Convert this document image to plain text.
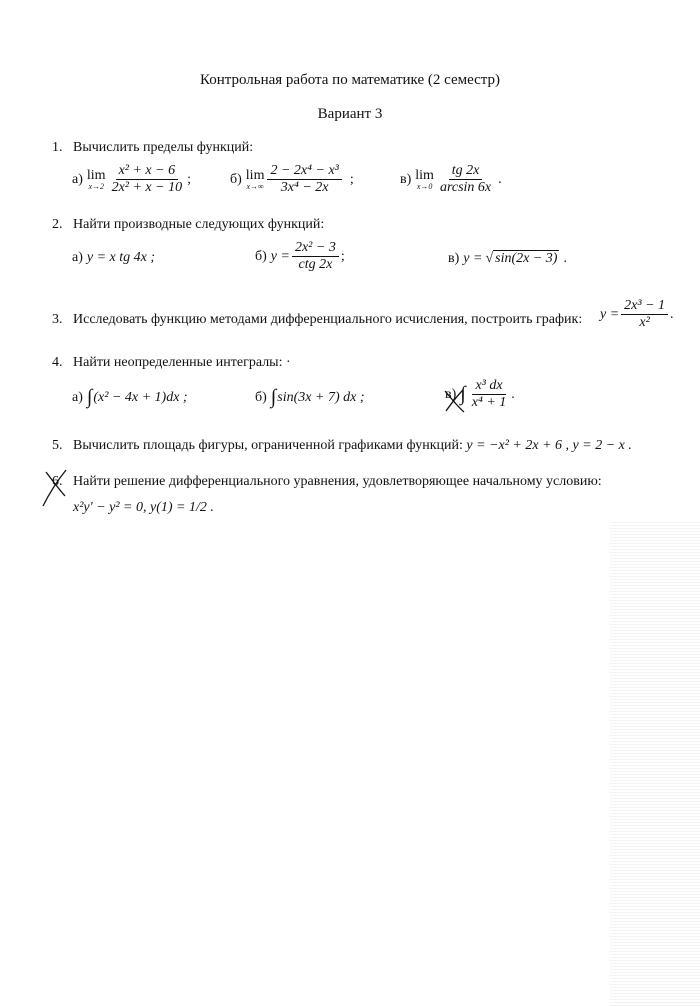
Контрольная работа по математике (2 семестр)
Вариант 3
1. Вычислить пределы функций:
а) lim
$x\to 2 \frac{\text{x² + x − 6}}{\text{2x² + x − 10}}$ ;	б) lim
$x\to\infty \frac{\text{2 − 2x⁴ − x³}}{\text{3x⁴ − 2x}}$ ;	в) lim
$x\to 0 \frac{tg 2x}{\arcsin 6x}$ .
2. Найти производные следующих функций:
а) y = x tg 4x ;	б) $y = \frac{\text{2x² − 3}}{\text{ctg 2x}}$ ;	в) y = √ sin(2x − 3) .
3. Исследовать функцию методами дифференциального исчисления, построить график: $y = \frac{\text{2x³ − 1}}{\text{x²}}$ .
4. Найти неопределенные интегралы: ·
а) ∫ (x² − 4x + 1)dx ;	б) ∫ sin(3x + 7) dx ;	в) ∫ $\frac{\text{x³ dx}}{\text{x⁴ + 1}}$ .
5. Вычислить площадь фигуры, ограниченной графиками функций: y = −x² + 2x + 6 , y = 2 − x .
6. Найти решение дифференциального уравнения, удовлетворяющее начальному условию:
x²y′ − y² = 0, y(1) = 1/2 .
